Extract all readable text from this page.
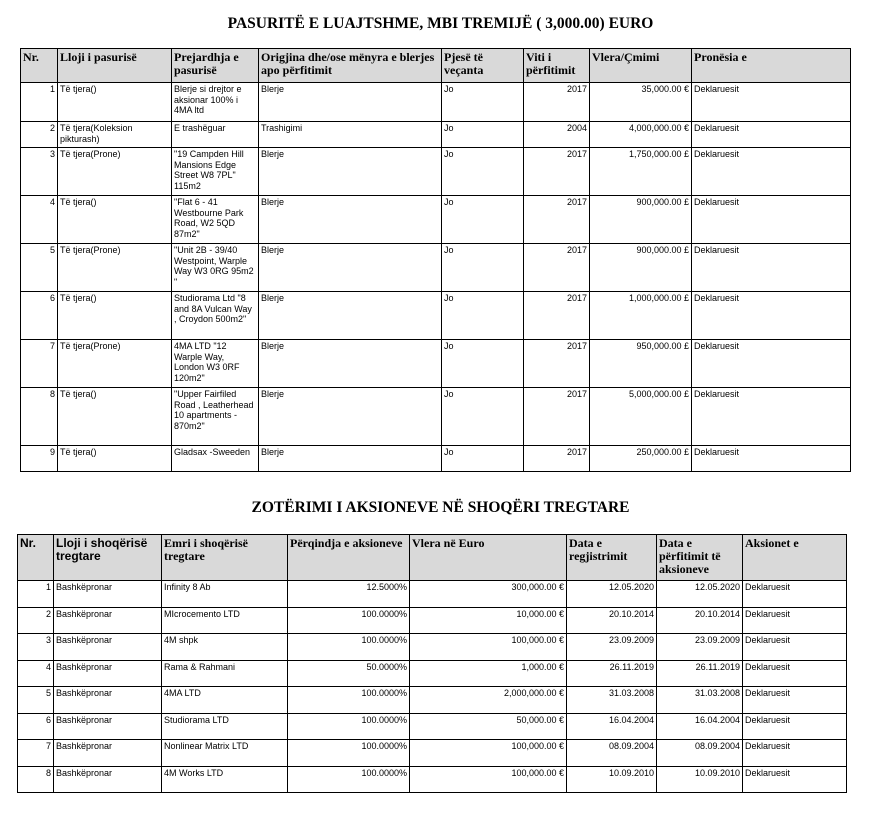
PASURITË E LUAJTSHME, MBI TREMIJË ( 3,000.00) EURO
Nr.	Lloji i pasurisë	Prejardhja e pasurisë	Origjina dhe/ose mënyra e blerjes apo përfitimit	Pjesë të veçanta	Viti i përfitimit	Vlera/Çmimi	Pronësia e
1	Të tjera()	Blerje si drejtor e aksionar 100% i 4MA ltd	Blerje	Jo	2017	35,000.00 €	Deklaruesit
2	Të tjera(Koleksion pikturash)	E trashëguar	Trashigimi	Jo	2004	4,000,000.00 €	Deklaruesit
3	Të tjera(Prone)	"19 Campden Hill Mansions Edge Street W8 7PL" 115m2	Blerje	Jo	2017	1,750,000.00 £	Deklaruesit
4	Të tjera()	"Flat 6 - 41 Westbourne Park Road, W2 5QD 87m2"	Blerje	Jo	2017	900,000.00 £	Deklaruesit
5	Të tjera(Prone)	"Unit 2B - 39/40 Westpoint, Warple Way W3 0RG 95m2 "	Blerje	Jo	2017	900,000.00 £	Deklaruesit
6	Të tjera()	Studiorama Ltd "8 and 8A Vulcan Way , Croydon 500m2"	Blerje	Jo	2017	1,000,000.00 £	Deklaruesit
7	Të tjera(Prone)	4MA LTD "12 Warple Way, London W3 0RF 120m2"	Blerje	Jo	2017	950,000.00 £	Deklaruesit
8	Të tjera()	"Upper Fairfiled Road , Leatherhead 10 apartments - 870m2"	Blerje	Jo	2017	5,000,000.00 £	Deklaruesit
9	Të tjera()	Gladsax -Sweeden	Blerje	Jo	2017	250,000.00 £	Deklaruesit
ZOTËRIMI I AKSIONEVE NË SHOQËRI TREGTARE
Nr.	Lloji i shoqërisë tregtare	Emri i shoqërisë tregtare	Përqindja e aksioneve	Vlera në Euro	Data e regjistrimit	Data e përfitimit të aksioneve	Aksionet e
1	Bashkëpronar	Infinity 8 Ab	12.5000%	300,000.00 €	12.05.2020	12.05.2020	Deklaruesit
2	Bashkëpronar	MIcrocemento LTD	100.0000%	10,000.00 €	20.10.2014	20.10.2014	Deklaruesit
3	Bashkëpronar	4M shpk	100.0000%	100,000.00 €	23.09.2009	23.09.2009	Deklaruesit
4	Bashkëpronar	Rama & Rahmani	50.0000%	1,000.00 €	26.11.2019	26.11.2019	Deklaruesit
5	Bashkëpronar	4MA LTD	100.0000%	2,000,000.00 €	31.03.2008	31.03.2008	Deklaruesit
6	Bashkëpronar	Studiorama LTD	100.0000%	50,000.00 €	16.04.2004	16.04.2004	Deklaruesit
7	Bashkëpronar	Nonlinear Matrix LTD	100.0000%	100,000.00 €	08.09.2004	08.09.2004	Deklaruesit
8	Bashkëpronar	4M Works LTD	100.0000%	100,000.00 €	10.09.2010	10.09.2010	Deklaruesit
